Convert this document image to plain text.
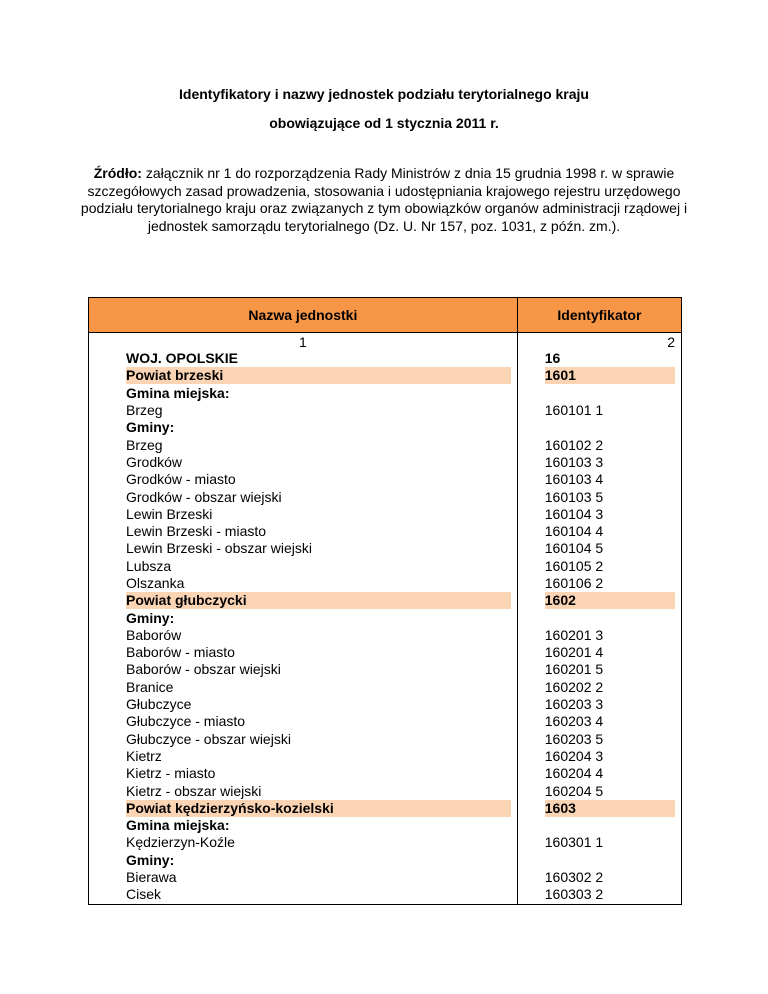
Identyfikatory i nazwy jednostek podziału terytorialnego kraju
obowiązujące od 1 stycznia 2011 r.
Źródło: załącznik nr 1 do rozporządzenia Rady Ministrów z dnia 15 grudnia 1998 r. w sprawie szczegółowych zasad prowadzenia, stosowania i udostępniania krajowego rejestru urzędowego podziału terytorialnego kraju oraz związanych z tym obowiązków organów administracji rządowej i jednostek samorządu terytorialnego (Dz. U. Nr 157, poz. 1031, z późn. zm.).
Nazwa jednostki	Identyfikator
1	2
WOJ. OPOLSKIE	16
Powiat brzeski	1601
Gmina miejska:	
Brzeg	160101 1
Gminy:	
Brzeg	160102 2
Grodków	160103 3
Grodków - miasto	160103 4
Grodków - obszar wiejski	160103 5
Lewin Brzeski	160104 3
Lewin Brzeski - miasto	160104 4
Lewin Brzeski - obszar wiejski	160104 5
Lubsza	160105 2
Olszanka	160106 2
Powiat głubczycki	1602
Gminy:	
Baborów	160201 3
Baborów - miasto	160201 4
Baborów - obszar wiejski	160201 5
Branice	160202 2
Głubczyce	160203 3
Głubczyce - miasto	160203 4
Głubczyce - obszar wiejski	160203 5
Kietrz	160204 3
Kietrz - miasto	160204 4
Kietrz - obszar wiejski	160204 5
Powiat kędzierzyńsko-kozielski	1603
Gmina miejska:	
Kędzierzyn-Koźle	160301 1
Gminy:	
Bierawa	160302 2
Cisek	160303 2
